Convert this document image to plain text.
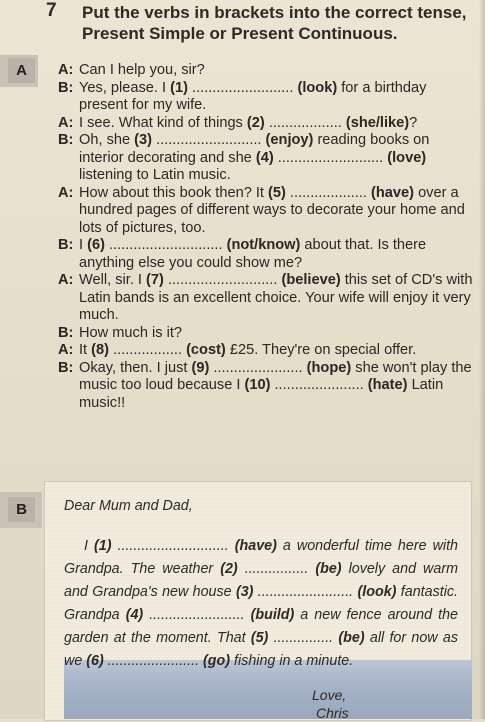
7 Put the verbs in brackets into the correct tense, Present Simple or Present Continuous.
A	A: Can I help you, sir?
B: Yes, please. I (1) ......................... (look) for a birthday present for my wife.
A: I see. What kind of things (2) .................. (she/like)?
B: Oh, she (3) .......................... (enjoy) reading books on interior decorating and she (4) .......................... (love) listening to Latin music.
A: How about this book then? It (5) ................... (have) over a hundred pages of different ways to decorate your home and lots of pictures, too.
B: I (6) ............................ (not/know) about that. Is there anything else you could show me?
A: Well, sir. I (7) ........................... (believe) this set of CD's with Latin bands is an excellent choice. Your wife will enjoy it very much.
B: How much is it?
A: It (8) ................. (cost) £25. They're on special offer.
B: Okay, then. I just (9) ...................... (hope) she won't play the music too loud because I (10) ...................... (hate) Latin music!!
B	Dear Mum and Dad,
I (1) ............................ (have) a wonderful time here with Grandpa. The weather (2) ................ (be) lovely and warm and Grandpa's new house (3) ........................ (look) fantastic. Grandpa (4) ........................ (build) a new fence around the garden at the moment. That (5) ............... (be) all for now as we (6) ....................... (go) fishing in a minute.
Love,
Chris
